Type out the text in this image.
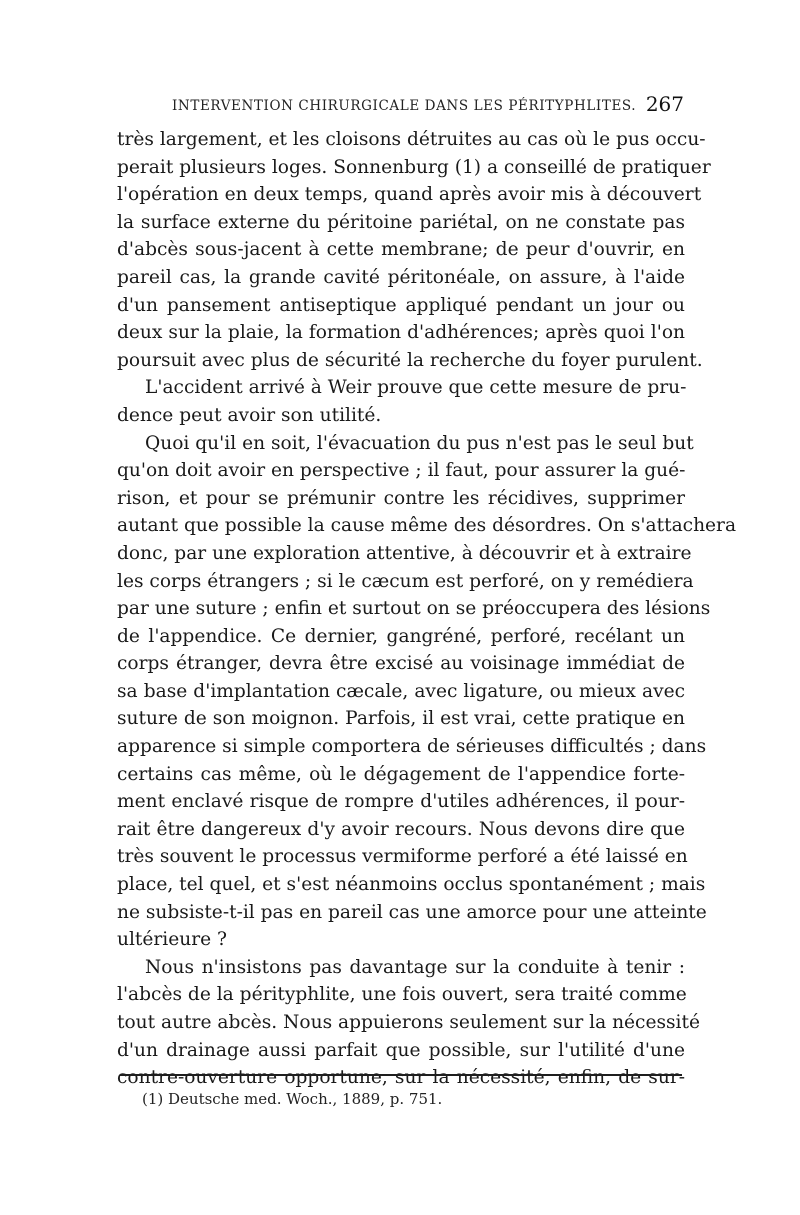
INTERVENTION CHIRURGICALE DANS LES PÉRITYPHLITES. 267
très largement, et les cloisons détruites au cas où le pus occu-
perait plusieurs loges. Sonnenburg (1) a conseillé de pratiquer
l'opération en deux temps, quand après avoir mis à découvert
la surface externe du péritoine pariétal, on ne constate pas
d'abcès sous-jacent à cette membrane; de peur d'ouvrir, en
pareil cas, la grande cavité péritonéale, on assure, à l'aide
d'un pansement antiseptique appliqué pendant un jour ou
deux sur la plaie, la formation d'adhérences; après quoi l'on
poursuit avec plus de sécurité la recherche du foyer purulent.
L'accident arrivé à Weir prouve que cette mesure de pru-
dence peut avoir son utilité.
Quoi qu'il en soit, l'évacuation du pus n'est pas le seul but
qu'on doit avoir en perspective ; il faut, pour assurer la gué-
rison, et pour se prémunir contre les récidives, supprimer
autant que possible la cause même des désordres. On s'attachera
donc, par une exploration attentive, à découvrir et à extraire
les corps étrangers ; si le cæcum est perforé, on y remédiera
par une suture ; enfin et surtout on se préoccupera des lésions
de l'appendice. Ce dernier, gangréné, perforé, recélant un
corps étranger, devra être excisé au voisinage immédiat de
sa base d'implantation cæcale, avec ligature, ou mieux avec
suture de son moignon. Parfois, il est vrai, cette pratique en
apparence si simple comportera de sérieuses difficultés ; dans
certains cas même, où le dégagement de l'appendice forte-
ment enclavé risque de rompre d'utiles adhérences, il pour-
rait être dangereux d'y avoir recours. Nous devons dire que
très souvent le processus vermiforme perforé a été laissé en
place, tel quel, et s'est néanmoins occlus spontanément ; mais
ne subsiste-t-il pas en pareil cas une amorce pour une atteinte
ultérieure ?
Nous n'insistons pas davantage sur la conduite à tenir :
l'abcès de la pérityphlite, une fois ouvert, sera traité comme
tout autre abcès. Nous appuierons seulement sur la nécessité
d'un drainage aussi parfait que possible, sur l'utilité d'une
contre-ouverture opportune, sur la nécessité, enfin, de sur-
(1) Deutsche med. Woch., 1889, p. 751.
